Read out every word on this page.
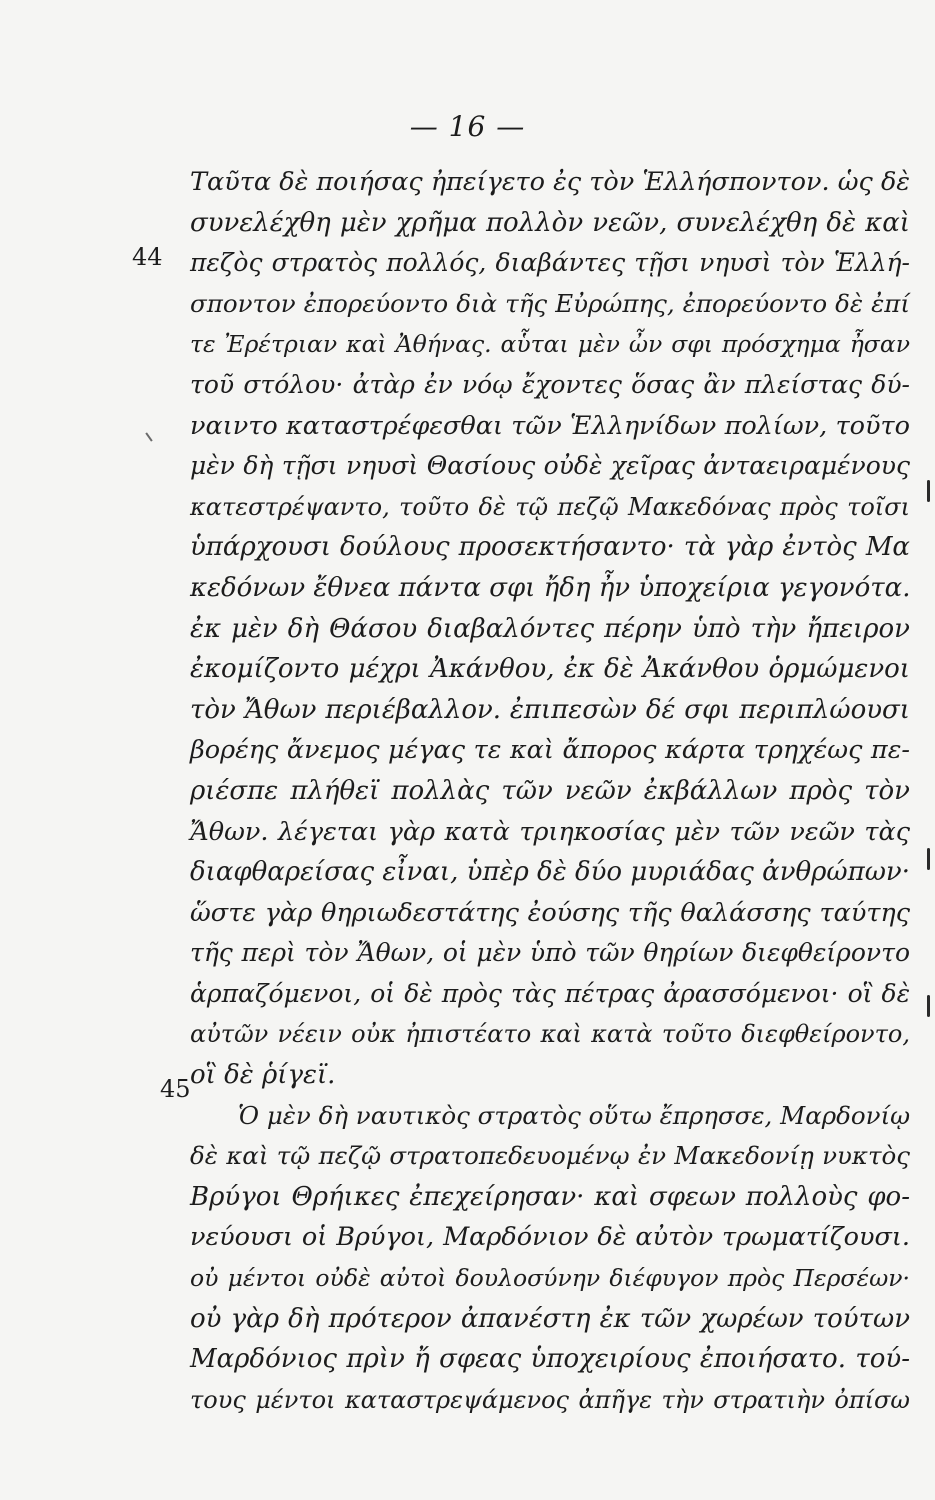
— 16 —
44
45
Ταῦτα δὲ ποιήσας ἠπείγετο ἐς τὸν Ἑλλήσποντον. ὡς δὲ
συνελέχθη μὲν χρῆμα πολλὸν νεῶν, συνελέχθη δὲ καὶ
πεζὸς στρατὸς πολλός, διαβάντες τῇσι νηυσὶ τὸν Ἑλλή-
σποντον ἐπορεύοντο διὰ τῆς Εὐρώπης, ἐπορεύοντο δὲ ἐπί
τε Ἐρέτριαν καὶ Ἀθήνας. αὗται μὲν ὦν σφι πρόσχημα ἦσαν
τοῦ στόλου· ἀτὰρ ἐν νόῳ ἔχοντες ὅσας ἂν πλείστας δύ-
ναιντο καταστρέφεσθαι τῶν Ἑλληνίδων πολίων, τοῦτο
μὲν δὴ τῇσι νηυσὶ Θασίους οὐδὲ χεῖρας ἀνταειραμένους
κατεστρέψαντο, τοῦτο δὲ τῷ πεζῷ Μακεδόνας πρὸς τοῖσι
ὑπάρχουσι δούλους προσεκτήσαντο· τὰ γὰρ ἐντὸς Μα
κεδόνων ἔθνεα πάντα σφι ἤδη ἦν ὑποχείρια γεγονότα.
ἐκ μὲν δὴ Θάσου διαβαλόντες πέρην ὑπὸ τὴν ἤπειρον
ἐκομίζοντο μέχρι Ἀκάνθου, ἐκ δὲ Ἀκάνθου ὁρμώμενοι
τὸν Ἄθων περιέβαλλον. ἐπιπεσὼν δέ σφι περιπλώουσι
βορέης ἄνεμος μέγας τε καὶ ἄπορος κάρτα τρηχέως πε-
ριέσπε πλήθεϊ πολλὰς τῶν νεῶν ἐκβάλλων πρὸς τὸν
Ἄθων. λέγεται γὰρ κατὰ τριηκοσίας μὲν τῶν νεῶν τὰς
διαφθαρείσας εἶναι, ὑπὲρ δὲ δύο μυριάδας ἀνθρώπων·
ὥστε γὰρ θηριωδεστάτης ἐούσης τῆς θαλάσσης ταύτης
τῆς περὶ τὸν Ἄθων, οἱ μὲν ὑπὸ τῶν θηρίων διεφθείροντο
ἁρπαζόμενοι, οἱ δὲ πρὸς τὰς πέτρας ἀρασσόμενοι· οἳ δὲ
αὐτῶν νέειν οὐκ ἠπιστέατο καὶ κατὰ τοῦτο διεφθείροντο,
οἳ δὲ ῥίγεϊ.
Ὁ μὲν δὴ ναυτικὸς στρατὸς οὕτω ἔπρησσε, Μαρδονίῳ
δὲ καὶ τῷ πεζῷ στρατοπεδευομένῳ ἐν Μακεδονίῃ νυκτὸς
Βρύγοι Θρήικες ἐπεχείρησαν· καὶ σφεων πολλοὺς φο-
νεύουσι οἱ Βρύγοι, Μαρδόνιον δὲ αὐτὸν τρωματίζουσι.
οὐ μέντοι οὐδὲ αὐτοὶ δουλοσύνην διέφυγον πρὸς Περσέων·
οὐ γὰρ δὴ πρότερον ἀπανέστη ἐκ τῶν χωρέων τούτων
Μαρδόνιος πρὶν ἤ σφεας ὑποχειρίους ἐποιήσατο. τού-
τους μέντοι καταστρεψάμενος ἀπῆγε τὴν στρατιὴν ὀπίσω
